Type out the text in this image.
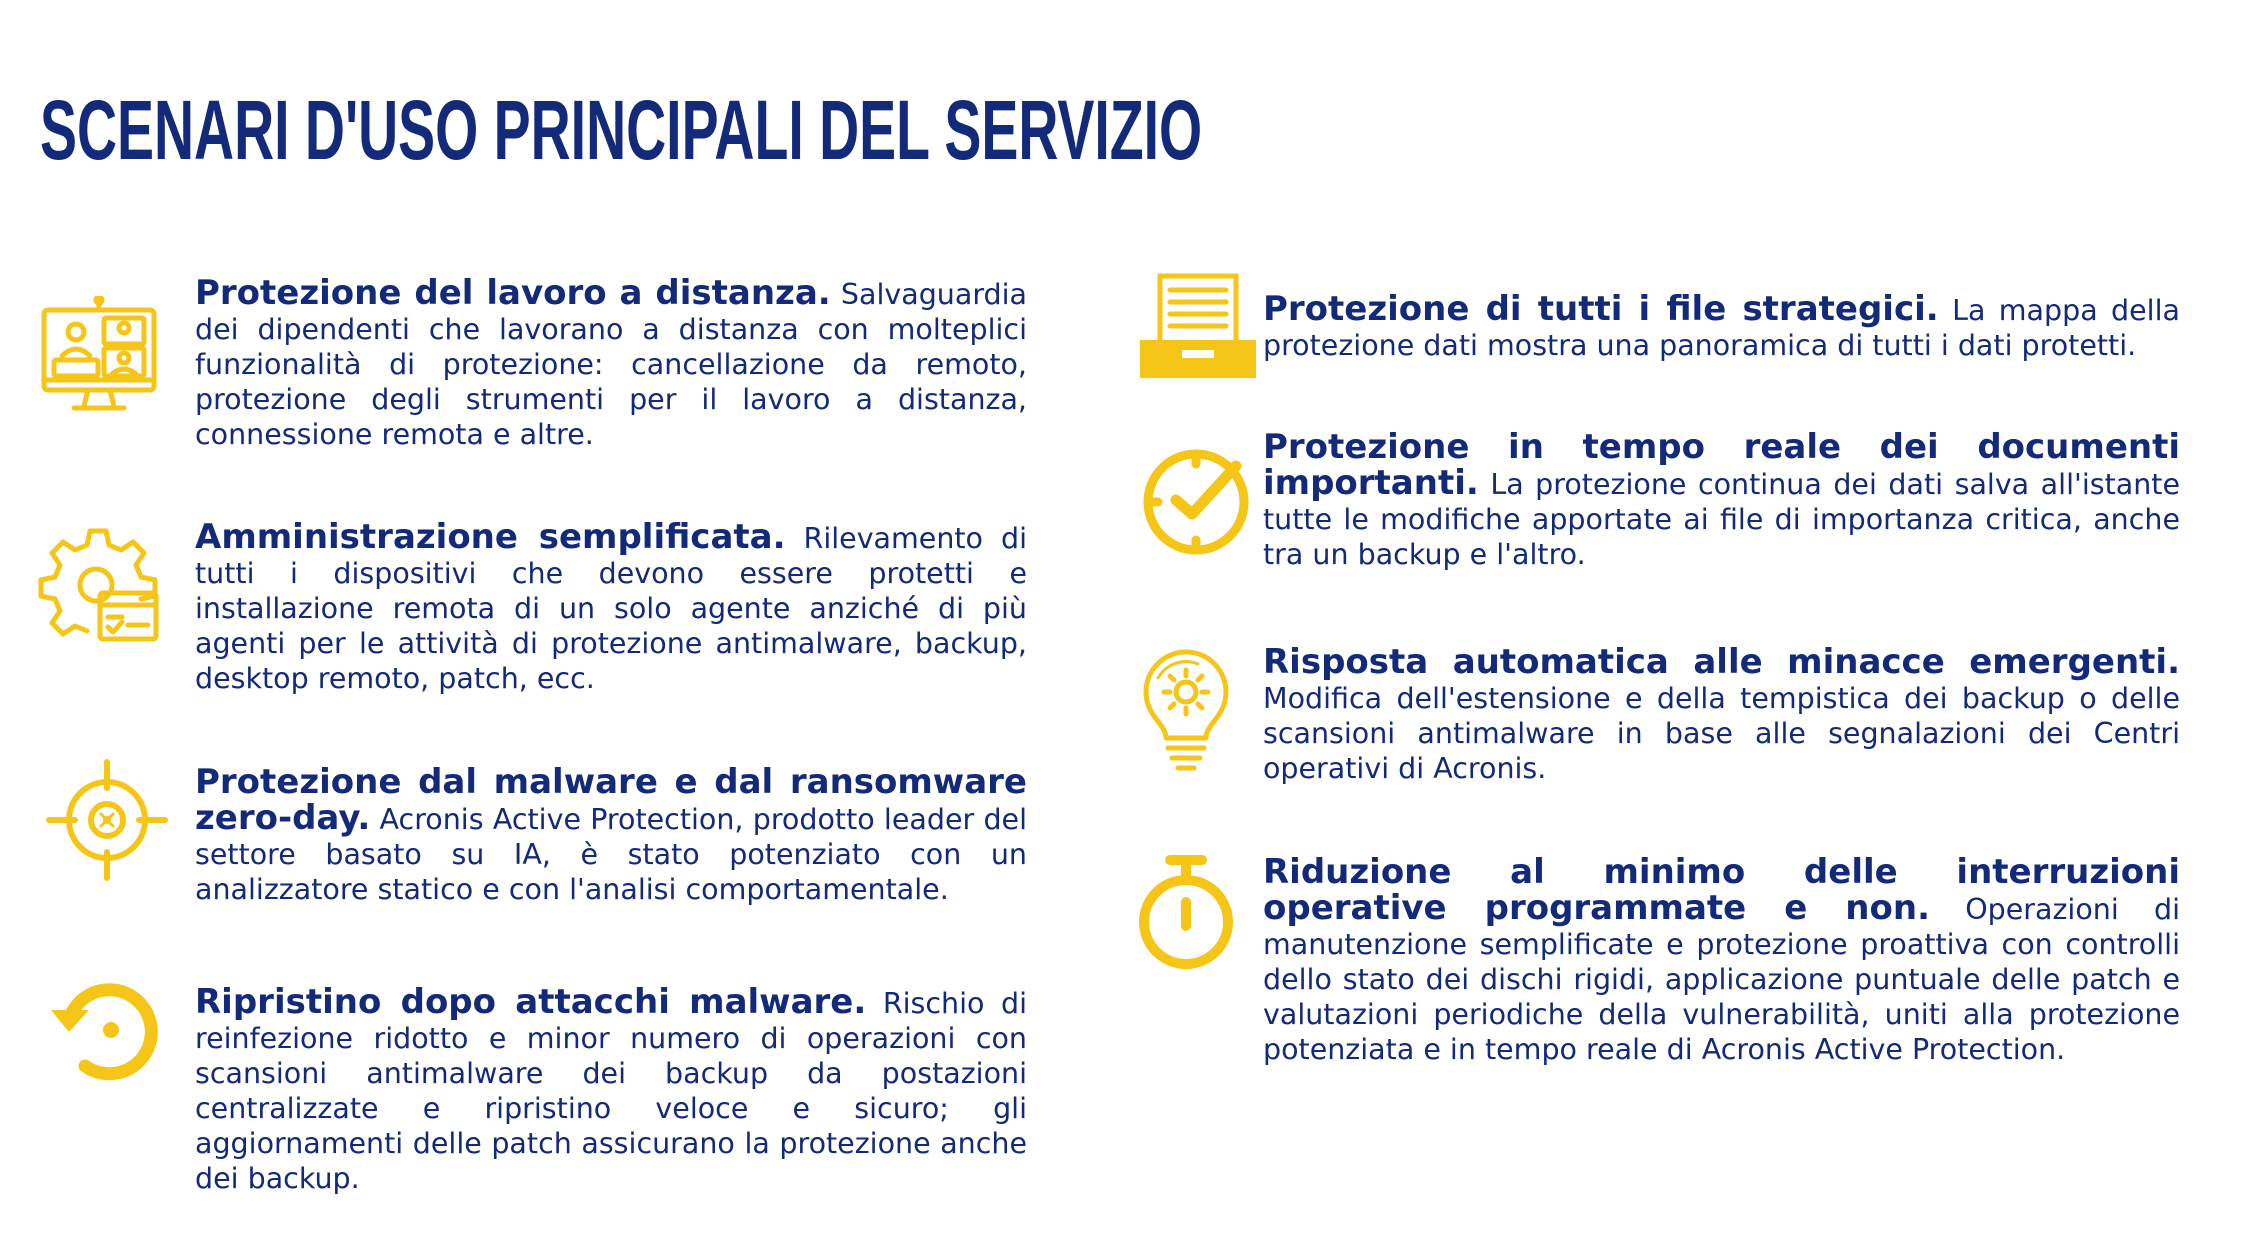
SCENARI D'USO PRINCIPALI DEL SERVIZIO

Protezione del lavoro a distanza. Salvaguardia dei dipendenti che lavorano a distanza con molteplici funzionalità di protezione: cancellazione da remoto, protezione degli strumenti per il lavoro a distanza, connessione remota e altre.

Amministrazione semplificata. Rilevamento di tutti i dispositivi che devono essere protetti e installazione remota di un solo agente anziché di più agenti per le attività di protezione antimalware, backup, desktop remoto, patch, ecc.

Protezione dal malware e dal ransomware zero-day. Acronis Active Protection, prodotto leader del settore basato su IA, è stato potenziato con un analizzatore statico e con l'analisi comportamentale.

Ripristino dopo attacchi malware. Rischio di reinfezione ridotto e minor numero di operazioni con scansioni antimalware dei backup da postazioni centralizzate e ripristino veloce e sicuro; gli aggiornamenti delle patch assicurano la protezione anche dei backup.

Protezione di tutti i file strategici. La mappa della protezione dati mostra una panoramica di tutti i dati protetti.

Protezione in tempo reale dei documenti importanti. La protezione continua dei dati salva all'istante tutte le modifiche apportate ai file di importanza critica, anche tra un backup e l'altro.

Risposta automatica alle minacce emergenti. Modifica dell'estensione e della tempistica dei backup o delle scansioni antimalware in base alle segnalazioni dei Centri operativi di Acronis.

Riduzione al minimo delle interruzioni operative programmate e non. Operazioni di manutenzione semplificate e protezione proattiva con controlli dello stato dei dischi rigidi, applicazione puntuale delle patch e valutazioni periodiche della vulnerabilità, uniti alla protezione potenziata e in tempo reale di Acronis Active Protection.
